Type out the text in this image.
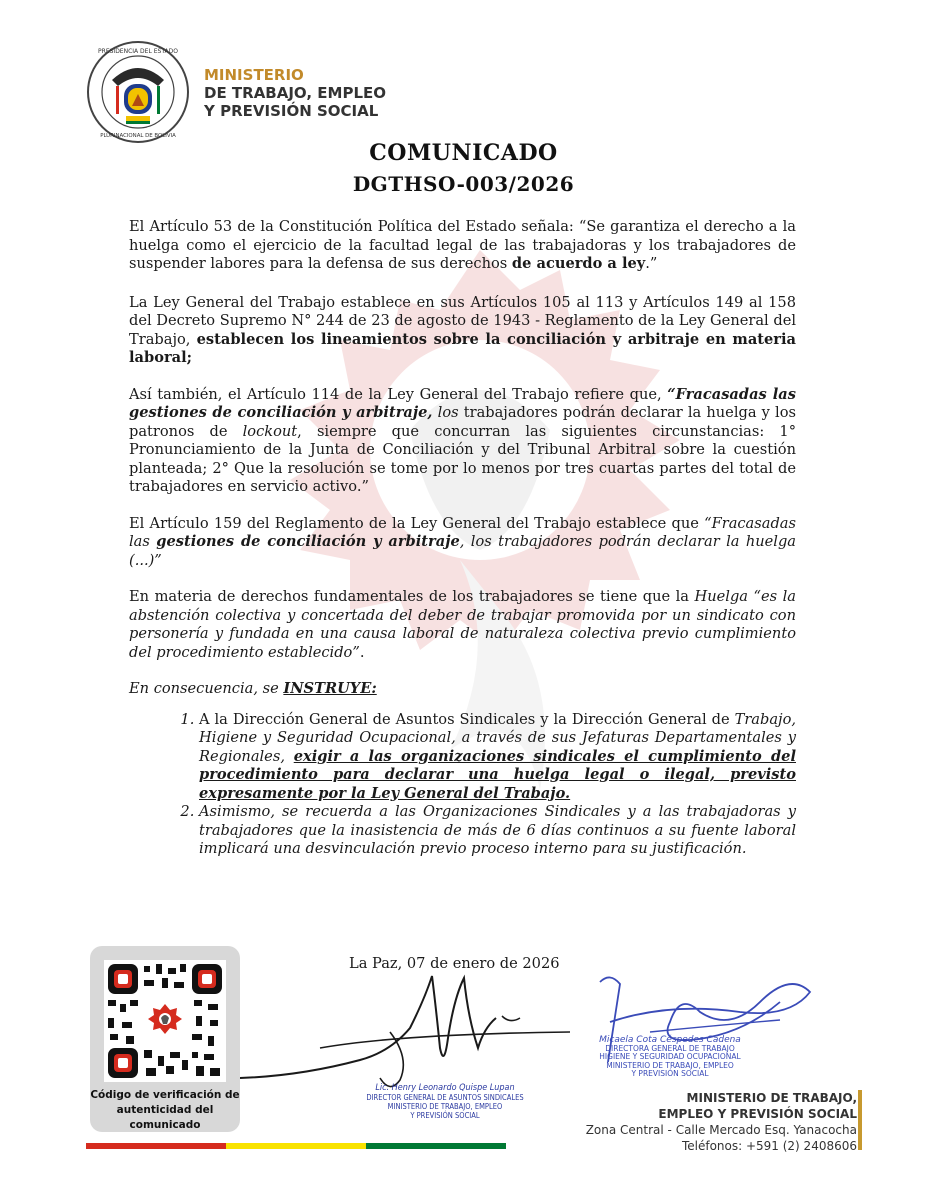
PRESIDENCIA DEL ESTADO
PLURINACIONAL DE BOLIVIA
MINISTERIO
DE TRABAJO, EMPLEO
Y PREVISIÓN SOCIAL
COMUNICADO
DGTHSO-003/2026

El Artículo 53 de la Constitución Política del Estado señala: “Se garantiza el derecho a la huelga como el ejercicio de la facultad legal de las trabajadoras y los trabajadores de suspender labores para la defensa de sus derechos de acuerdo a ley.”

La Ley General del Trabajo establece en sus Artículos 105 al 113 y Artículos 149 al 158 del Decreto Supremo N° 244 de 23 de agosto de 1943 - Reglamento de la Ley General del Trabajo, establecen los lineamientos sobre la conciliación y arbitraje en materia laboral;

Así también, el Artículo 114 de la Ley General del Trabajo refiere que, “Fracasadas las gestiones de conciliación y arbitraje, los trabajadores podrán declarar la huelga y los patronos de lockout, siempre que concurran las siguientes circunstancias: 1° Pronunciamiento de la Junta de Conciliación y del Tribunal Arbitral sobre la cuestión planteada; 2° Que la resolución se tome por lo menos por tres cuartas partes del total de trabajadores en servicio activo.”

El Artículo 159 del Reglamento de la Ley General del Trabajo establece que “Fracasadas las gestiones de conciliación y arbitraje, los trabajadores podrán declarar la huelga (...)”

En materia de derechos fundamentales de los trabajadores se tiene que la Huelga “es la abstención colectiva y concertada del deber de trabajar promovida por un sindicato con personería y fundada en una causa laboral de naturaleza colectiva previo cumplimiento del procedimiento establecido”.

En consecuencia, se INSTRUYE:

1. A la Dirección General de Asuntos Sindicales y la Dirección General de Trabajo, Higiene y Seguridad Ocupacional, a través de sus Jefaturas Departamentales y Regionales, exigir a las organizaciones sindicales el cumplimiento del procedimiento para declarar una huelga legal o ilegal, previsto expresamente por la Ley General del Trabajo.
2. Asimismo, se recuerda a las Organizaciones Sindicales y a las trabajadoras y trabajadores que la inasistencia de más de 6 días continuos a su fuente laboral implicará una desvinculación previo proceso interno para su justificación.
La Paz, 07 de enero de 2026
Código de verificación de
autenticidad del comunicado
Lic. Henry Leonardo Quispe Lupan
DIRECTOR GENERAL DE ASUNTOS SINDICALES
MINISTERIO DE TRABAJO, EMPLEO
Y PREVISIÓN SOCIAL
Micaela Cota Céspedes Cadena
DIRECTORA GENERAL DE TRABAJO
HIGIENE Y SEGURIDAD OCUPACIONAL
MINISTERIO DE TRABAJO, EMPLEO
Y PREVISIÓN SOCIAL
MINISTERIO DE TRABAJO,
EMPLEO Y PREVISIÓN SOCIAL
Zona Central - Calle Mercado Esq. Yanacocha
Teléfonos: +591 (2) 2408606
